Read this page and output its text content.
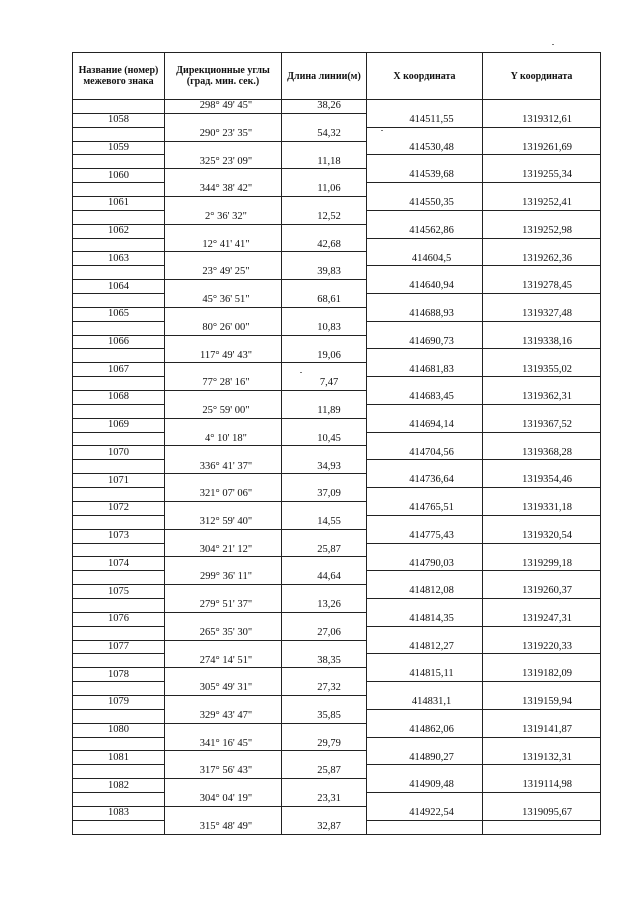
Название (номер) межевого знака	Дирекционные углы (град. мин. сек.)	Длина линии(м)	X координата	Y координата
	298° 49' 45"	38,26		
1058			414511,55	1319312,61
	290° 23' 35"	54,32		
1059			414530,48	1319261,69
	325° 23' 09"	11,18		
1060			414539,68	1319255,34
	344° 38' 42"	11,06		
1061			414550,35	1319252,41
	2° 36' 32"	12,52		
1062			414562,86	1319252,98
	12° 41' 41"	42,68		
1063			414604,5	1319262,36
	23° 49' 25"	39,83		
1064			414640,94	1319278,45
	45° 36' 51"	68,61		
1065			414688,93	1319327,48
	80° 26' 00"	10,83		
1066			414690,73	1319338,16
	117° 49' 43"	19,06		
1067			414681,83	1319355,02
	77° 28' 16"	7,47		
1068			414683,45	1319362,31
	25° 59' 00"	11,89		
1069			414694,14	1319367,52
	4° 10' 18"	10,45		
1070			414704,56	1319368,28
	336° 41' 37"	34,93		
1071			414736,64	1319354,46
	321° 07' 06"	37,09		
1072			414765,51	1319331,18
	312° 59' 40"	14,55		
1073			414775,43	1319320,54
	304° 21' 12"	25,87		
1074			414790,03	1319299,18
	299° 36' 11"	44,64		
1075			414812,08	1319260,37
	279° 51' 37"	13,26		
1076			414814,35	1319247,31
	265° 35' 30"	27,06		
1077			414812,27	1319220,33
	274° 14' 51"	38,35		
1078			414815,11	1319182,09
	305° 49' 31"	27,32		
1079			414831,1	1319159,94
	329° 43' 47"	35,85		
1080			414862,06	1319141,87
	341° 16' 45"	29,79		
1081			414890,27	1319132,31
	317° 56' 43"	25,87		
1082			414909,48	1319114,98
	304° 04' 19"	23,31		
1083			414922,54	1319095,67
	315° 48' 49"	32,87		
